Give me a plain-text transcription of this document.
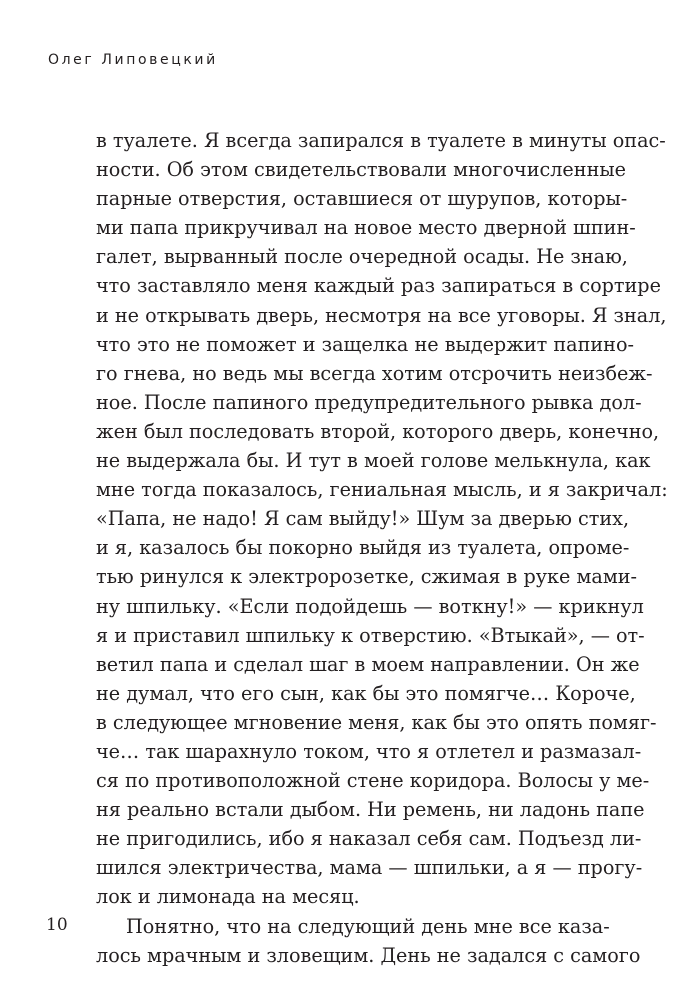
Олег Липовецкий
в туалете. Я всегда запирался в туалете в минуты опас-
ности. Об этом свидетельствовали многочисленные
парные отверстия, оставшиеся от шурупов, которы-
ми папа прикручивал на новое место дверной шпин-
галет, вырванный после очередной осады. Не знаю,
что заставляло меня каждый раз запираться в сортире
и не открывать дверь, несмотря на все уговоры. Я знал,
что это не поможет и защелка не выдержит папино-
го гнева, но ведь мы всегда хотим отсрочить неизбеж-
ное. После папиного предупредительного рывка дол-
жен был последовать второй, которого дверь, конечно,
не выдержала бы. И тут в моей голове мелькнула, как
мне тогда показалось, гениальная мысль, и я закричал:
«Папа, не надо! Я сам выйду!» Шум за дверью стих,
и я, казалось бы покорно выйдя из туалета, опроме-
тью ринулся к электророзетке, сжимая в руке мами-
ну шпильку. «Если подойдешь — воткну!» — крикнул
я и приставил шпильку к отверстию. «Втыкай», — от-
ветил папа и сделал шаг в моем направлении. Он же
не думал, что его сын, как бы это помягче… Короче,
в следующее мгновение меня, как бы это опять помяг-
че… так шарахнуло током, что я отлетел и размазал-
ся по противоположной стене коридора. Волосы у ме-
ня реально встали дыбом. Ни ремень, ни ладонь папе
не пригодились, ибо я наказал себя сам. Подъезд ли-
шился электричества, мама — шпильки, а я — прогу-
лок и лимонада на месяц.
Понятно, что на следующий день мне все каза-
лось мрачным и зловещим. День не задался с самого
10
